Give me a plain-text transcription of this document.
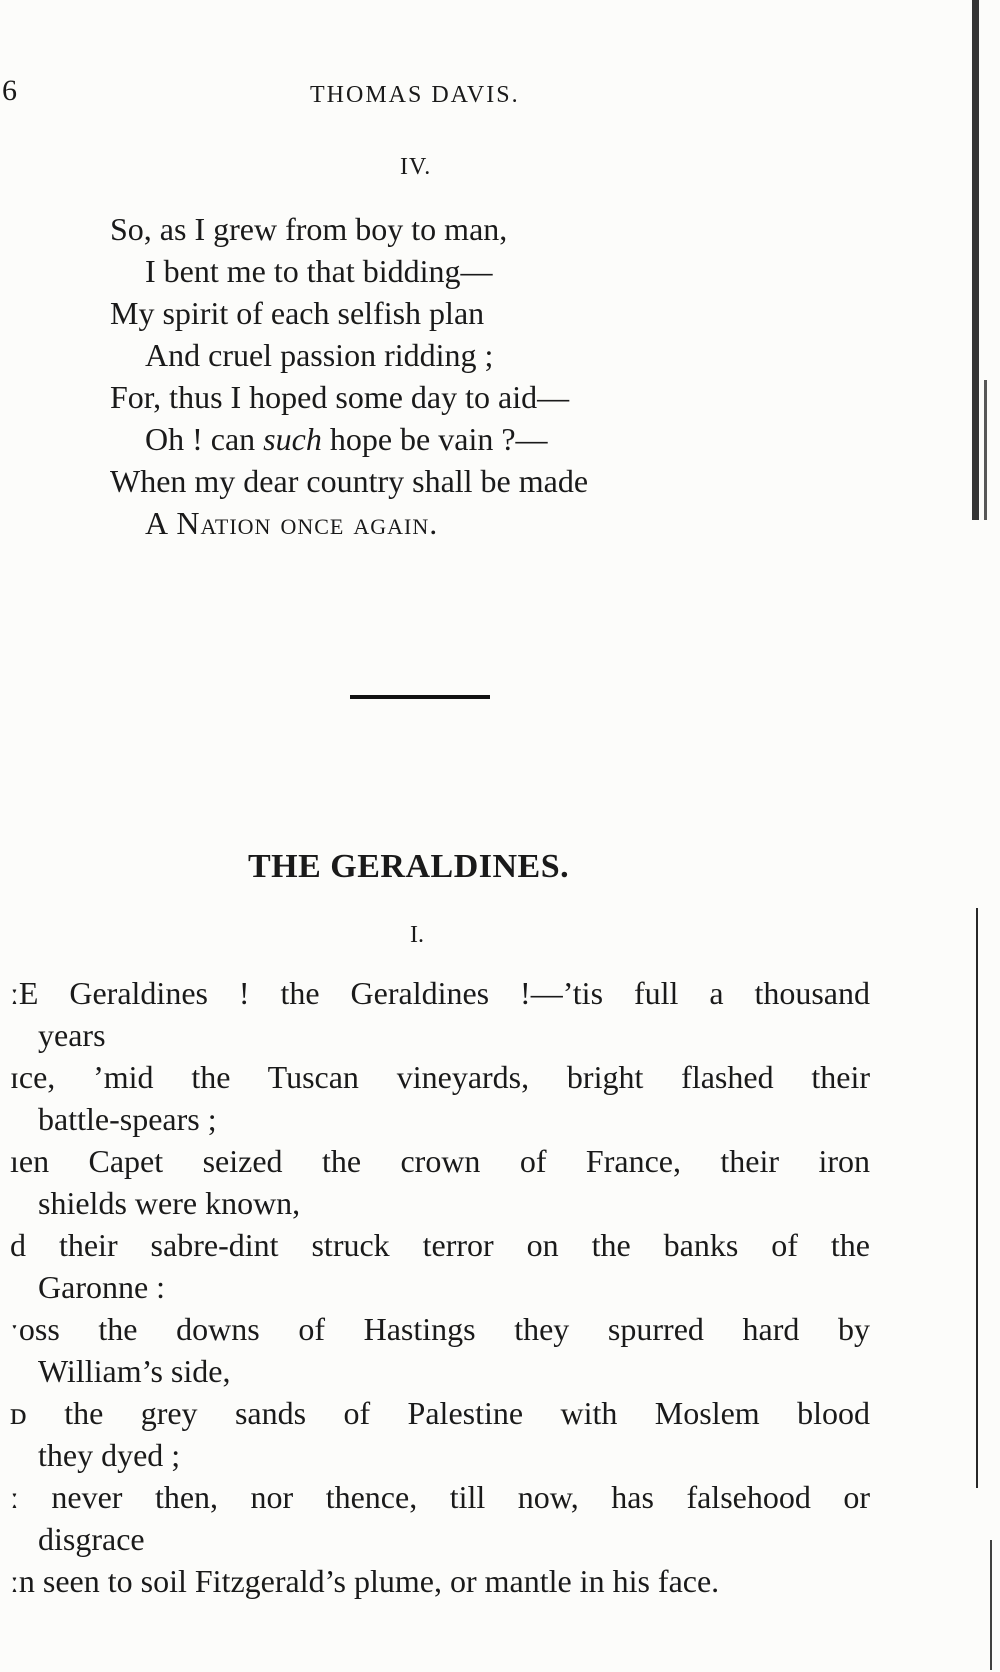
6	THOMAS DAVIS.
IV.
So, as I grew from boy to man,
I bent me to that bidding—
My spirit of each selfish plan
And cruel passion ridding ;
For, thus I hoped some day to aid—
Oh ! can such hope be vain ?—
When my dear country shall be made
A Nation once again.
THE GERALDINES.
I.
ːE Geraldines ! the Geraldines !—’tis full a thousand
years
ɪce, ’mid the Tuscan vineyards, bright flashed their
battle-spears ;
ıen Capet seized the crown of France, their iron
shields were known,
d their sabre-dint struck terror on the banks of the
Garonne :
ˑoss the downs of Hastings they spurred hard by
William’s side,
ᴅ the grey sands of Palestine with Moslem blood
they dyed ;
ː never then, nor thence, till now, has falsehood or
disgrace
ːn seen to soil Fitzgerald’s plume, or mantle in his face.
